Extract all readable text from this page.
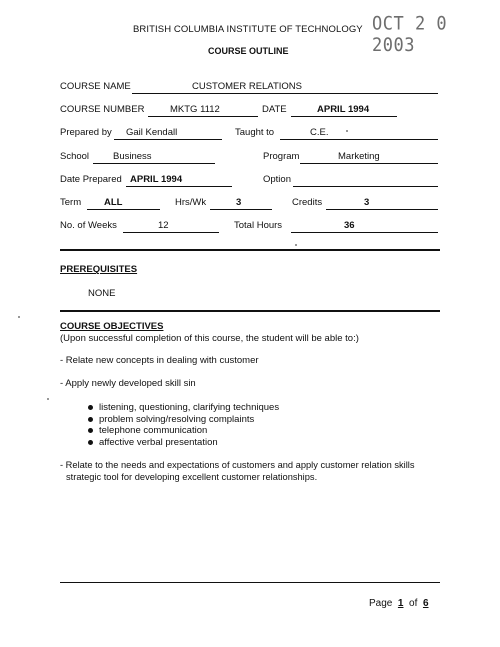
BRITISH COLUMBIA INSTITUTE OF TECHNOLOGY OCT 2 0 2003
COURSE OUTLINE
COURSE NAME	CUSTOMER RELATIONS
COURSE NUMBER	MKTG 1112	DATE	APRIL 1994
Prepared by Gail Kendall	Taught to	C.E.
School	Business	Program	Marketing
Date Prepared APRIL 1994	Option
Term ALL	Hrs/Wk	3	Credits	3
No. of Weeks	12	Total Hours	36
PREREQUISITES
NONE
COURSE OBJECTIVES
(Upon successful completion of this course, the student will be able to:)
- Relate new concepts in dealing with customer
- Apply newly developed skill sin
listening, questioning, clarifying techniques
problem solving/resolving complaints
telephone communication
affective verbal presentation
- Relate to the needs and expectations of customers and apply customer relation skills
strategic tool for developing excellent customer relationships.
Page 1 of 6
